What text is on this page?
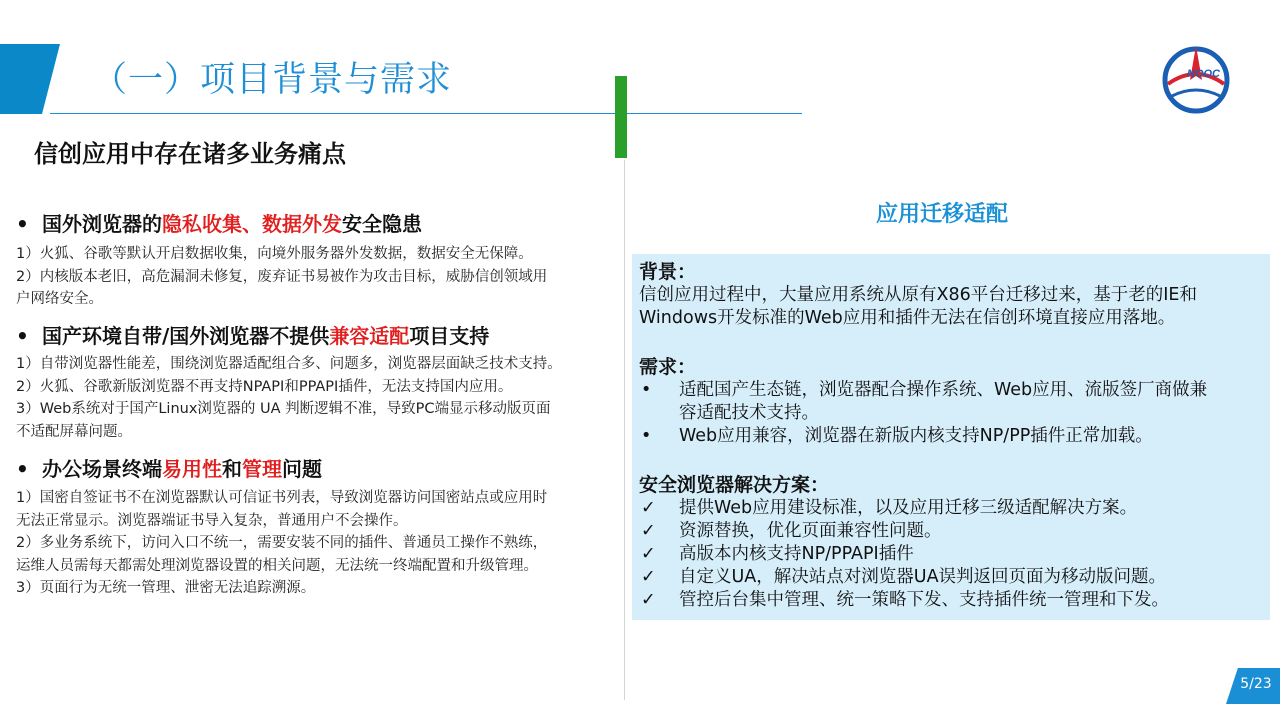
（一）项目背景与需求	NOOC
信创应用中存在诸多业务痛点
• 国外浏览器的隐私收集、数据外发安全隐患
1）火狐、谷歌等默认开启数据收集，向境外服务器外发数据，数据安全无保障。
2）内核版本老旧，高危漏洞未修复，废弃证书易被作为攻击目标，威胁信创领域用
户网络安全。
• 国产环境自带/国外浏览器不提供兼容适配项目支持
1）自带浏览器性能差，围绕浏览器适配组合多、问题多，浏览器层面缺乏技术支持。
2）火狐、谷歌新版浏览器不再支持NPAPI和PPAPI插件，无法支持国内应用。
3）Web系统对于国产Linux浏览器的 UA 判断逻辑不准，导致PC端显示移动版页面
不适配屏幕问题。
• 办公场景终端易用性和管理问题
1）国密自签证书不在浏览器默认可信证书列表，导致浏览器访问国密站点或应用时
无法正常显示。浏览器端证书导入复杂，普通用户不会操作。
2）多业务系统下，访问入口不统一，需要安装不同的插件、普通员工操作不熟练，
运维人员需每天都需处理浏览器设置的相关问题，无法统一终端配置和升级管理。
3）页面行为无统一管理、泄密无法追踪溯源。
应用迁移适配
背景：
信创应用过程中，大量应用系统从原有X86平台迁移过来，基于老的IE和
Windows开发标准的Web应用和插件无法在信创环境直接应用落地。
需求：
• 适配国产生态链，浏览器配合操作系统、Web应用、流版签厂商做兼
容适配技术支持。
• Web应用兼容，浏览器在新版内核支持NP/PP插件正常加载。
安全浏览器解决方案：
✓ 提供Web应用建设标准，以及应用迁移三级适配解决方案。
✓ 资源替换，优化页面兼容性问题。
✓ 高版本内核支持NP/PPAPI插件
✓ 自定义UA，解决站点对浏览器UA误判返回页面为移动版问题。
✓ 管控后台集中管理、统一策略下发、支持插件统一管理和下发。
5/23
